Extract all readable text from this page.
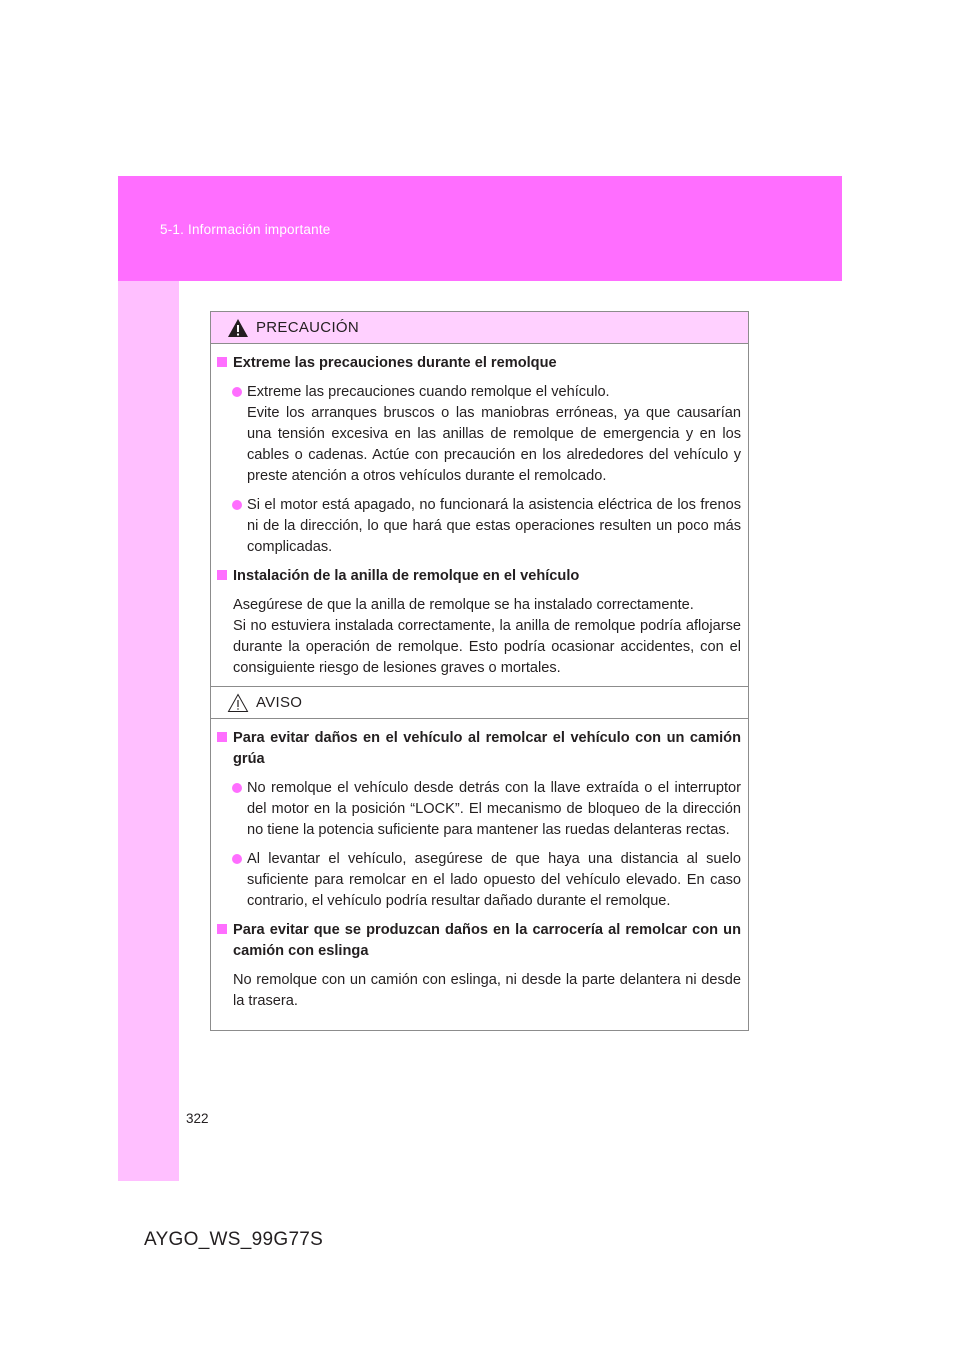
5-1. Información importante
PRECAUCIÓN
Extreme las precauciones durante el remolque
Extreme las precauciones cuando remolque el vehículo.
Evite los arranques bruscos o las maniobras erróneas, ya que causarían una tensión excesiva en las anillas de remolque de emergencia y en los cables o cadenas. Actúe con precaución en los alrededores del vehículo y preste atención a otros vehículos durante el remolcado.
Si el motor está apagado, no funcionará la asistencia eléctrica de los frenos ni de la dirección, lo que hará que estas operaciones resulten un poco más complicadas.
Instalación de la anilla de remolque en el vehículo
Asegúrese de que la anilla de remolque se ha instalado correctamente.
Si no estuviera instalada correctamente, la anilla de remolque podría aflojarse durante la operación de remolque. Esto podría ocasionar accidentes, con el consiguiente riesgo de lesiones graves o mortales.
AVISO
Para evitar daños en el vehículo al remolcar el vehículo con un camión grúa
No remolque el vehículo desde detrás con la llave extraída o el interruptor del motor en la posición “LOCK”. El mecanismo de bloqueo de la dirección no tiene la potencia suficiente para mantener las ruedas delanteras rectas.
Al levantar el vehículo, asegúrese de que haya una distancia al suelo suficiente para remolcar en el lado opuesto del vehículo elevado. En caso contrario, el vehículo podría resultar dañado durante el remolque.
Para evitar que se produzcan daños en la carrocería al remolcar con un camión con eslinga
No remolque con un camión con eslinga, ni desde la parte delantera ni desde la trasera.
322
AYGO_WS_99G77S
